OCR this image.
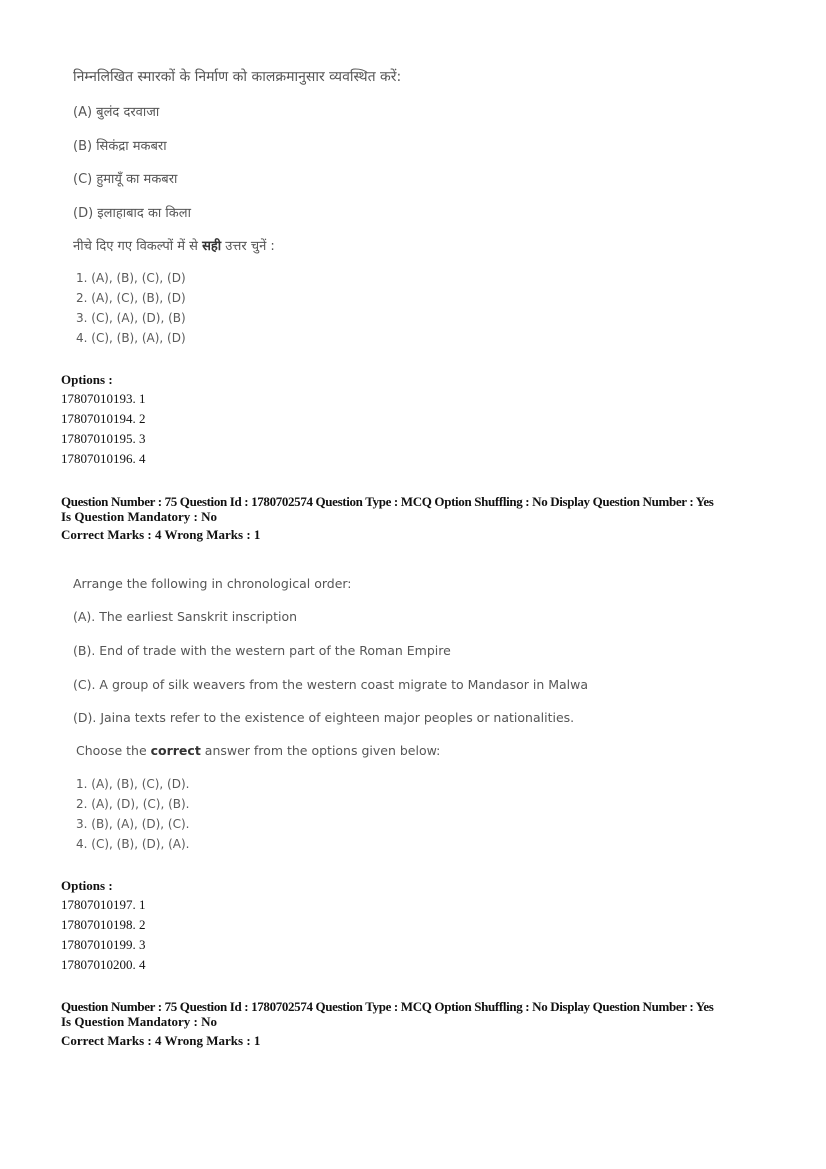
निम्नलिखित स्मारकों के निर्माण को कालक्रमानुसार व्यवस्थित करें:
(A) बुलंद दरवाजा
(B) सिकंद्रा मकबरा
(C) हुमायूँ का मकबरा
(D) इलाहाबाद का किला
नीचे दिए गए विकल्पों में से सही उत्तर चुनें :
1. (A), (B), (C), (D)
2. (A), (C), (B), (D)
3. (C), (A), (D), (B)
4. (C), (B), (A), (D)
Options :
17807010193. 1
17807010194. 2
17807010195. 3
17807010196. 4
Question Number : 75 Question Id : 1780702574 Question Type : MCQ Option Shuffling : No Display Question Number : Yes
Is Question Mandatory : No
Correct Marks : 4 Wrong Marks : 1
Arrange the following in chronological order:
(A). The earliest Sanskrit inscription
(B). End of trade with the western part of the Roman Empire
(C). A group of silk weavers from the western coast migrate to Mandasor in Malwa
(D). Jaina texts refer to the existence of eighteen major peoples or nationalities.
Choose the correct answer from the options given below:
1. (A), (B), (C), (D).
2. (A), (D), (C), (B).
3. (B), (A), (D), (C).
4. (C), (B), (D), (A).
Options :
17807010197. 1
17807010198. 2
17807010199. 3
17807010200. 4
Question Number : 75 Question Id : 1780702574 Question Type : MCQ Option Shuffling : No Display Question Number : Yes
Is Question Mandatory : No
Correct Marks : 4 Wrong Marks : 1
